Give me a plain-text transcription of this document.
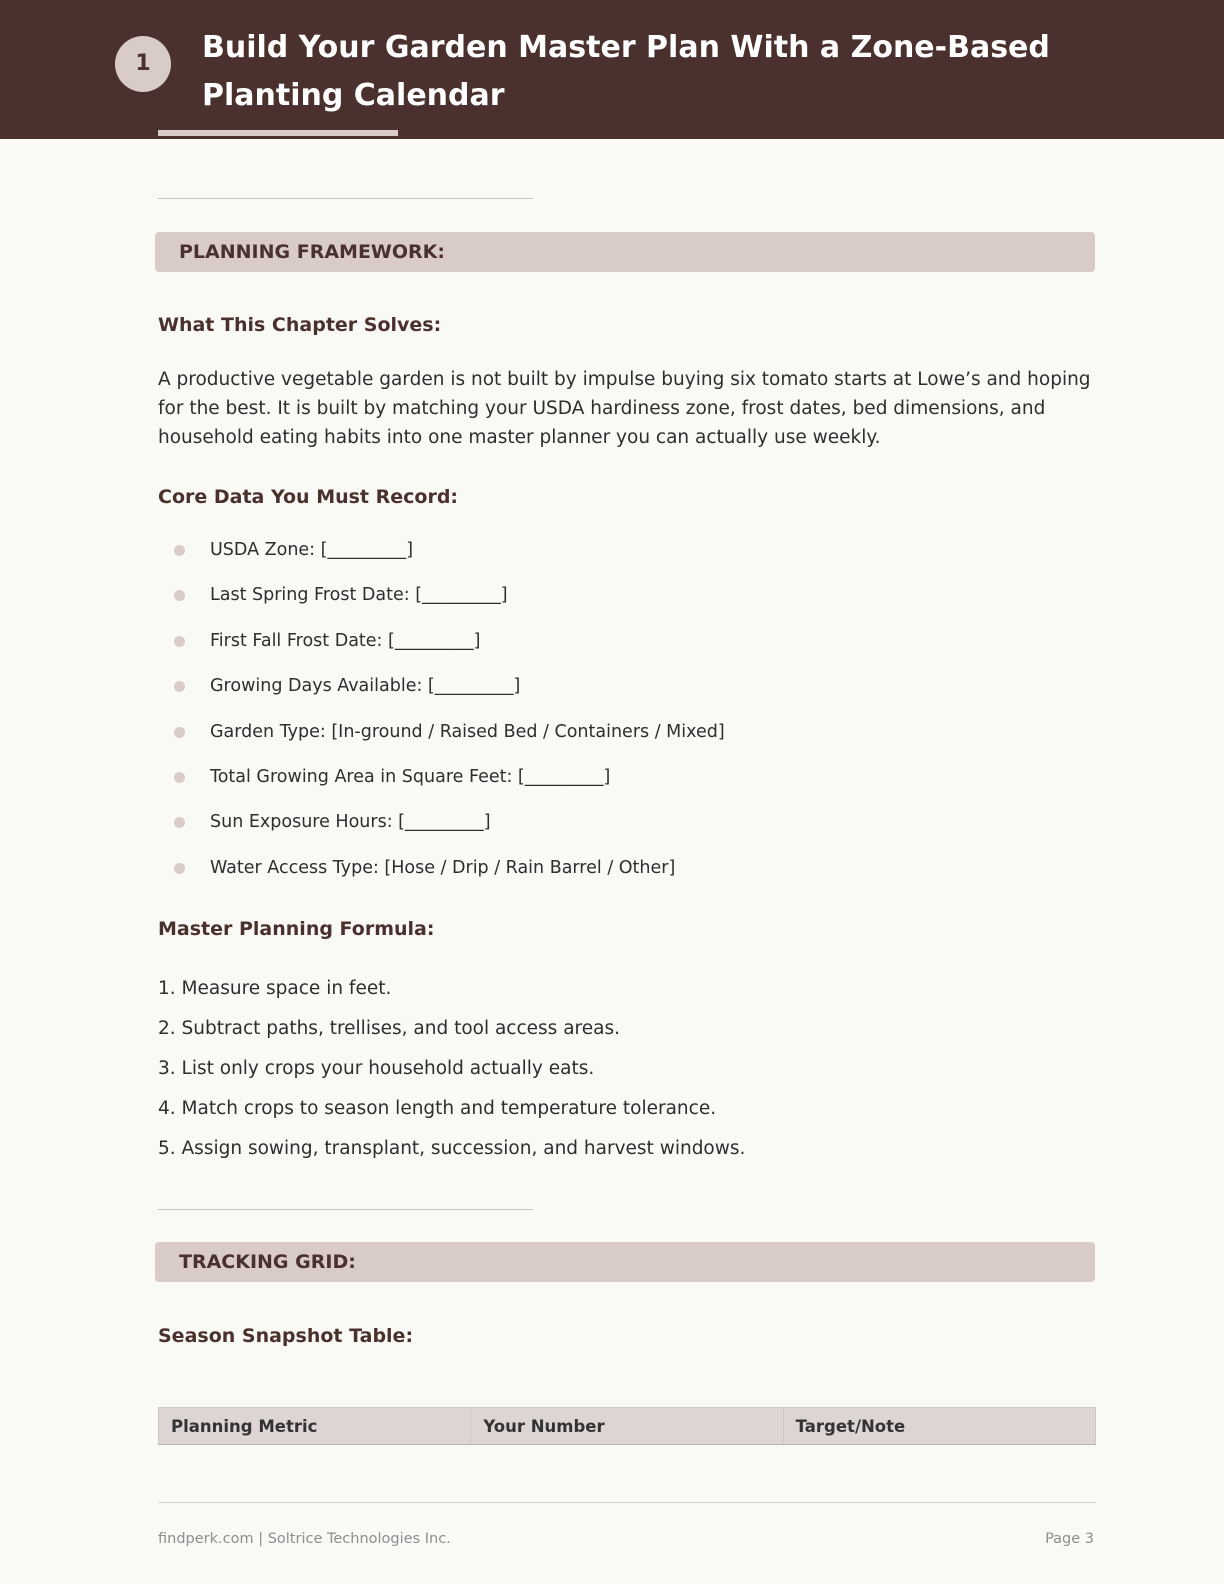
1	Build Your Garden Master Plan With a Zone-Based Planting Calendar
PLANNING FRAMEWORK:
What This Chapter Solves:

A productive vegetable garden is not built by impulse buying six tomato starts at Lowe’s and hoping for the best. It is built by matching your USDA hardiness zone, frost dates, bed dimensions, and household eating habits into one master planner you can actually use weekly.

Core Data You Must Record:
USDA Zone: [_________]
Last Spring Frost Date: [_________]
First Fall Frost Date: [_________]
Growing Days Available: [_________]
Garden Type: [In-ground / Raised Bed / Containers / Mixed]
Total Growing Area in Square Feet: [_________]
Sun Exposure Hours: [_________]
Water Access Type: [Hose / Drip / Rain Barrel / Other]
Master Planning Formula:
1. Measure space in feet.
2. Subtract paths, trellises, and tool access areas.
3. List only crops your household actually eats.
4. Match crops to season length and temperature tolerance.
5. Assign sowing, transplant, succession, and harvest windows.
TRACKING GRID:
Season Snapshot Table:
Planning Metric	Your Number	Target/Note
findperk.com | Soltrice Technologies Inc.	Page 3
